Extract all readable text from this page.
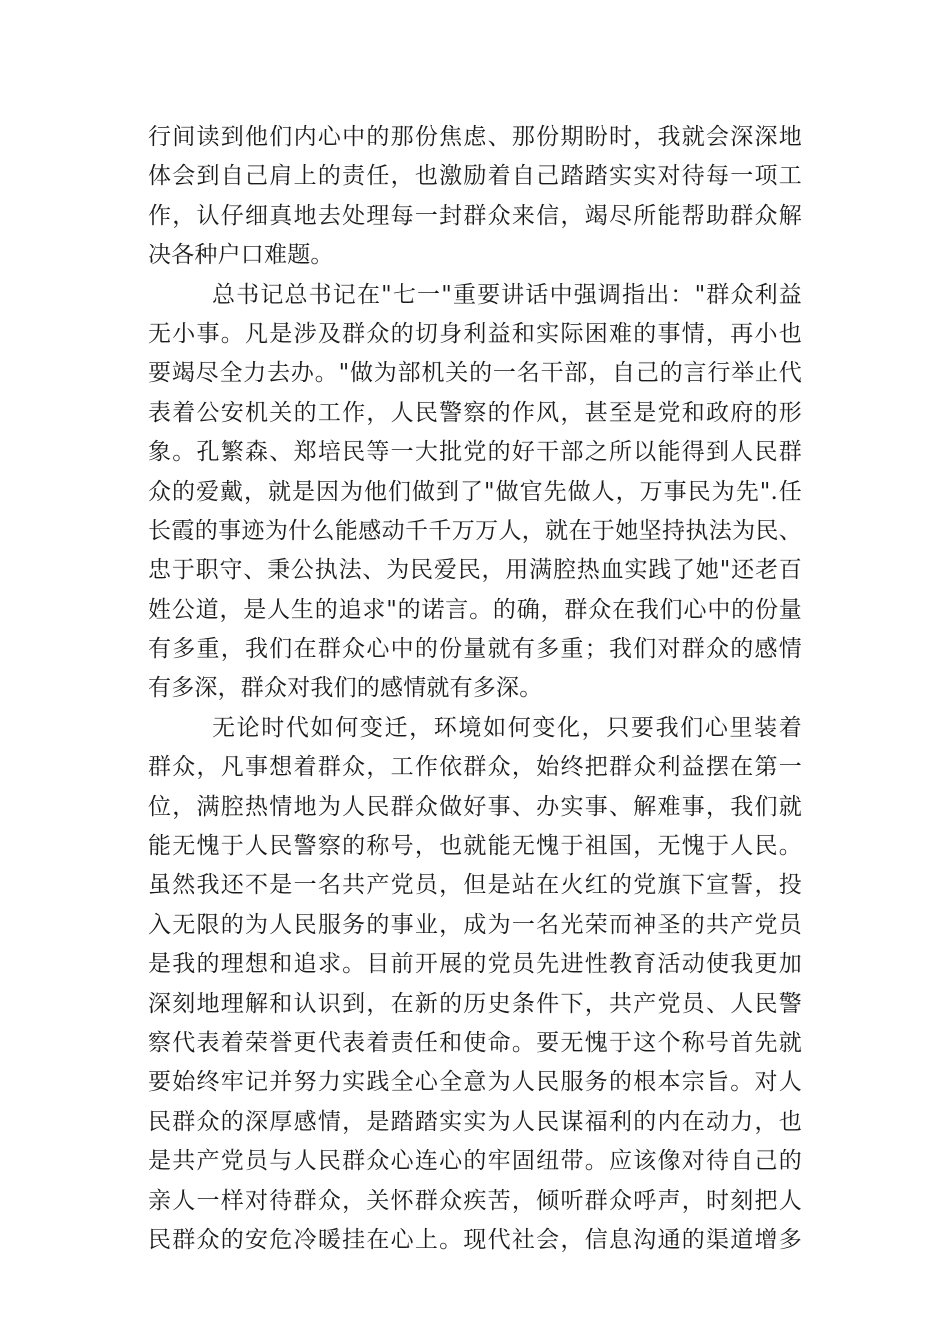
行间读到他们内心中的那份焦虑、那份期盼时，我就会深深地
体会到自己肩上的责任，也激励着自己踏踏实实对待每一项工
作，认仔细真地去处理每一封群众来信，竭尽所能帮助群众解
决各种户口难题。
总书记总书记在"七一"重要讲话中强调指出："群众利益
无小事。凡是涉及群众的切身利益和实际困难的事情，再小也
要竭尽全力去办。"做为部机关的一名干部，自己的言行举止代
表着公安机关的工作，人民警察的作风，甚至是党和政府的形
象。孔繁森、郑培民等一大批党的好干部之所以能得到人民群
众的爱戴，就是因为他们做到了"做官先做人，万事民为先".任
长霞的事迹为什么能感动千千万万人，就在于她坚持执法为民、
忠于职守、秉公执法、为民爱民，用满腔热血实践了她"还老百
姓公道，是人生的追求"的诺言。的确，群众在我们心中的份量
有多重，我们在群众心中的份量就有多重；我们对群众的感情
有多深，群众对我们的感情就有多深。
无论时代如何变迁，环境如何变化，只要我们心里装着
群众，凡事想着群众，工作依群众，始终把群众利益摆在第一
位，满腔热情地为人民群众做好事、办实事、解难事，我们就
能无愧于人民警察的称号，也就能无愧于祖国，无愧于人民。
虽然我还不是一名共产党员，但是站在火红的党旗下宣誓，投
入无限的为人民服务的事业，成为一名光荣而神圣的共产党员
是我的理想和追求。目前开展的党员先进性教育活动使我更加
深刻地理解和认识到，在新的历史条件下，共产党员、人民警
察代表着荣誉更代表着责任和使命。要无愧于这个称号首先就
要始终牢记并努力实践全心全意为人民服务的根本宗旨。对人
民群众的深厚感情，是踏踏实实为人民谋福利的内在动力，也
是共产党员与人民群众心连心的牢固纽带。应该像对待自己的
亲人一样对待群众，关怀群众疾苦，倾听群众呼声，时刻把人
民群众的安危冷暖挂在心上。现代社会，信息沟通的渠道增多
